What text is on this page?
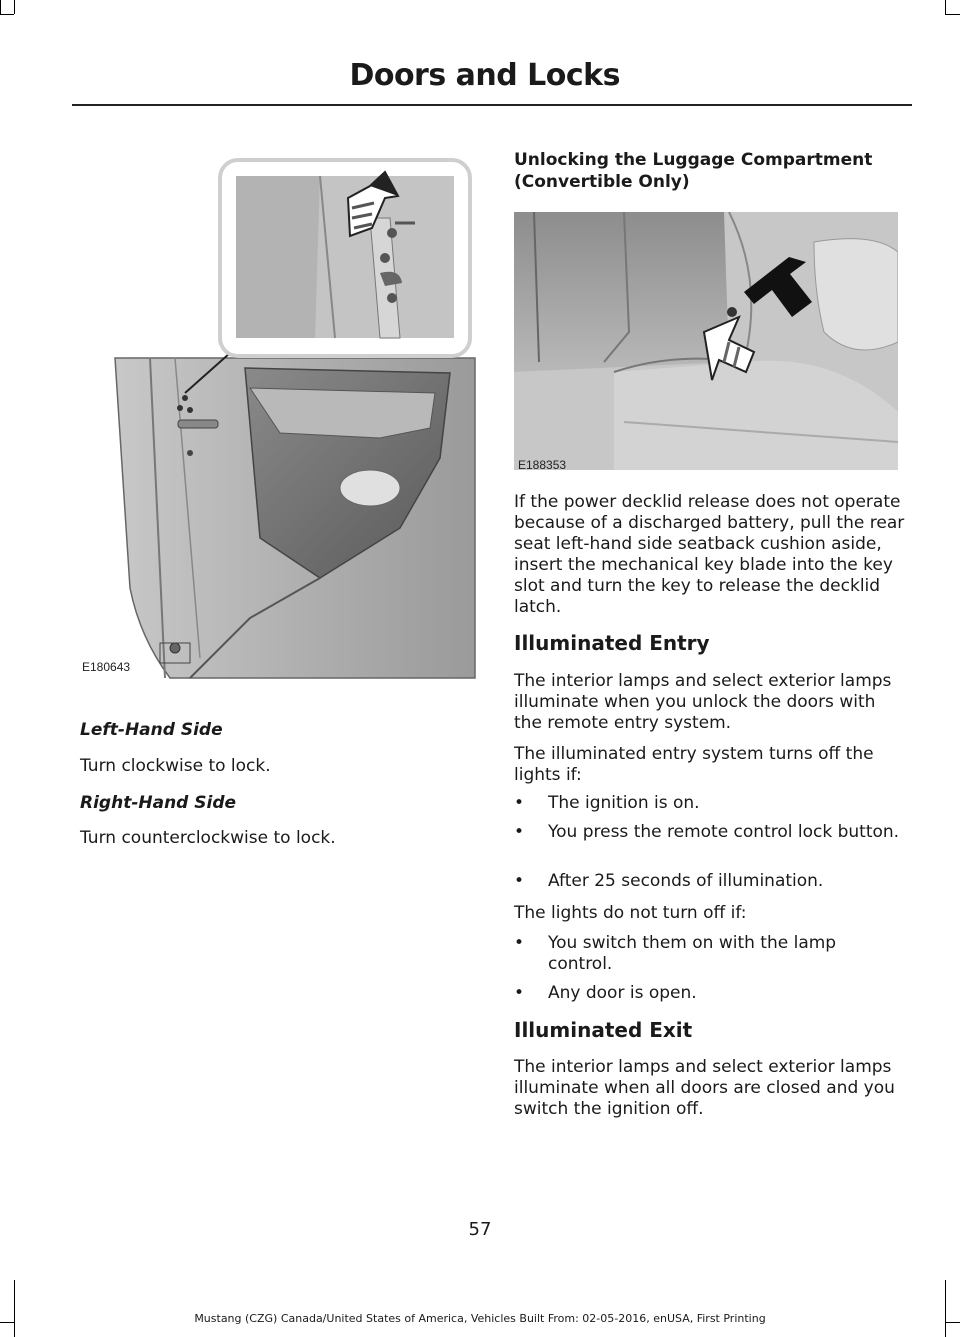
Doors and Locks
E180643
Left-Hand Side
Turn clockwise to lock.
Right-Hand Side
Turn counterclockwise to lock.
Unlocking the Luggage Compartment (Convertible Only)
E188353
If the power decklid release does not operate because of a discharged battery, pull the rear seat left-hand side seatback cushion aside, insert the mechanical key blade into the key slot and turn the key to release the decklid latch.
Illuminated Entry
The interior lamps and select exterior lamps illuminate when you unlock the doors with the remote entry system.
The illuminated entry system turns off the lights if:
• The ignition is on.
• You press the remote control lock button.
• After 25 seconds of illumination.
The lights do not turn off if:
• You switch them on with the lamp control.
• Any door is open.
Illuminated Exit
The interior lamps and select exterior lamps illuminate when all doors are closed and you switch the ignition off.
57
Mustang (CZG) Canada/United States of America, Vehicles Built From: 02-05-2016, enUSA, First Printing
